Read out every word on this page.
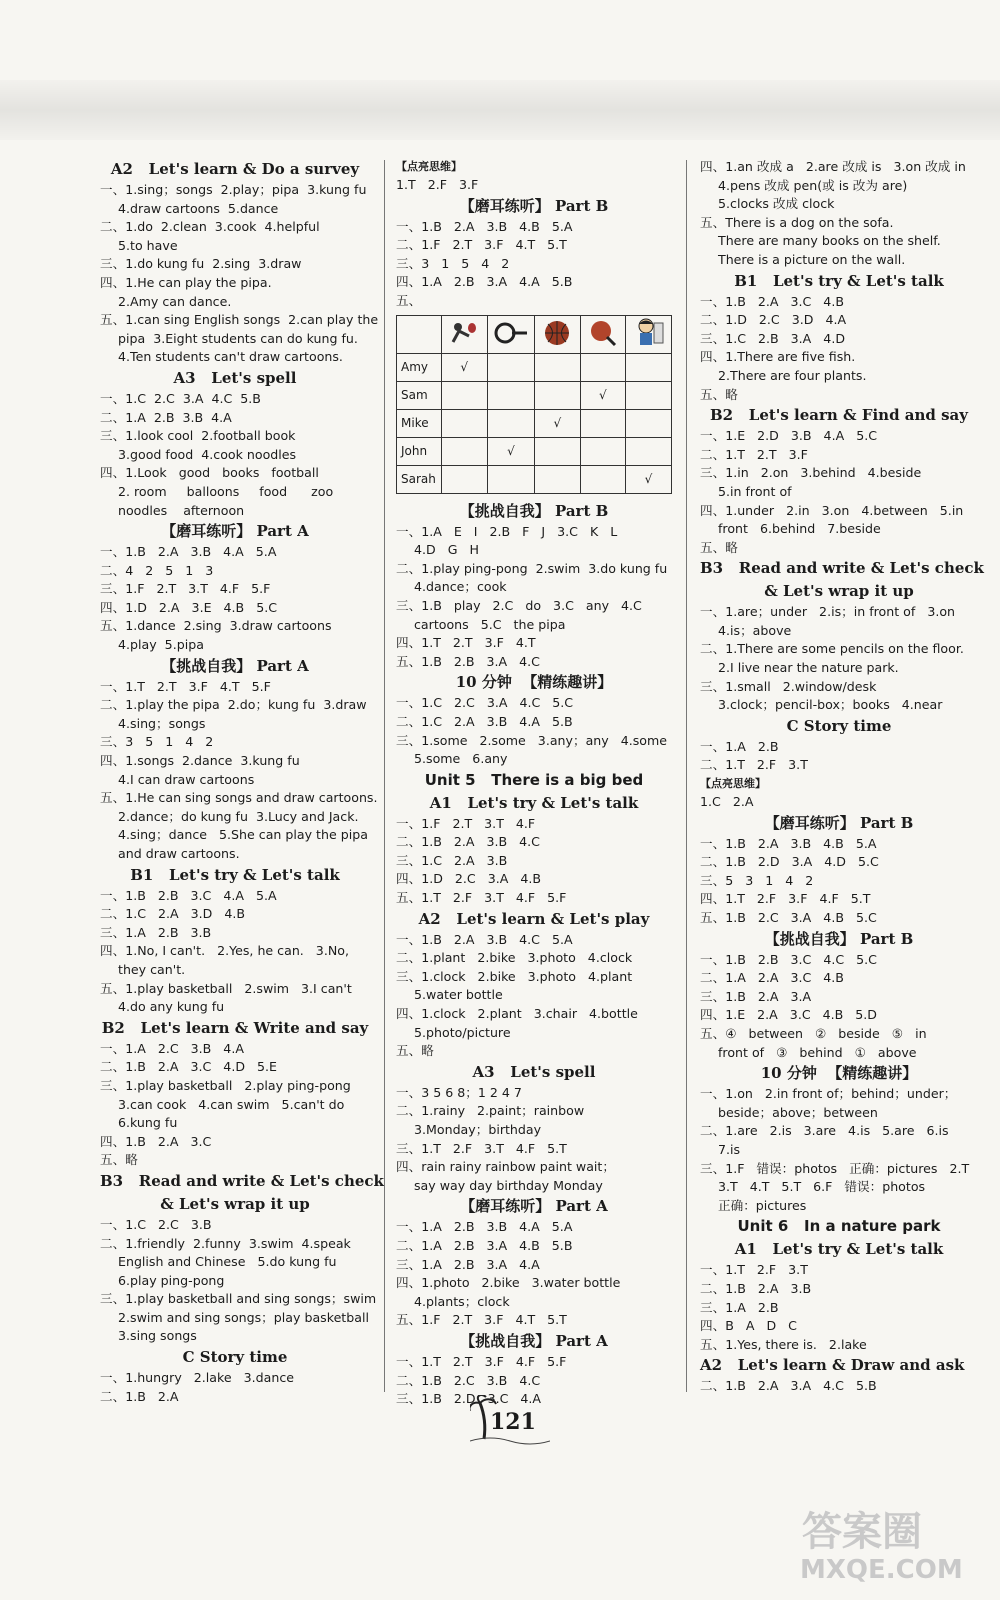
A2   Let's learn & Do a survey
一、1.sing；songs  2.play；pipa  3.kung fu
4.draw cartoons  5.dance
二、1.do  2.clean  3.cook  4.helpful
5.to have
三、1.do kung fu  2.sing  3.draw
四、1.He can play the pipa.
2.Amy can dance.
五、1.can sing English songs  2.can play the
pipa  3.Eight students can do kung fu.
4.Ten students can't draw cartoons.
A3   Let's spell
一、1.C  2.C  3.A  4.C  5.B
二、1.A  2.B  3.B  4.A
三、1.look cool  2.football book
3.good food  4.cook noodles
四、1.Look   good   books   football
2. room     balloons     food      zoo
noodles    afternoon
【磨耳练听】 Part A
一、1.B   2.A   3.B   4.A   5.A
二、4   2   5   1   3
三、1.F   2.T   3.T   4.F   5.F
四、1.D   2.A   3.E   4.B   5.C
五、1.dance  2.sing  3.draw cartoons
4.play  5.pipa
【挑战自我】 Part A
一、1.T   2.T   3.F   4.T   5.F
二、1.play the pipa  2.do；kung fu  3.draw
4.sing；songs
三、3   5   1   4   2
四、1.songs  2.dance  3.kung fu
4.I can draw cartoons
五、1.He can sing songs and draw cartoons.
2.dance；do kung fu  3.Lucy and Jack.
4.sing；dance   5.She can play the pipa
and draw cartoons.
B1   Let's try & Let's talk
一、1.B   2.B   3.C   4.A   5.A
二、1.C   2.A   3.D   4.B
三、1.A   2.B   3.B
四、1.No, I can't.   2.Yes, he can.   3.No,
they can't.
五、1.play basketball   2.swim   3.I can't
4.do any kung fu
B2   Let's learn & Write and say
一、1.A   2.C   3.B   4.A
二、1.B   2.A   3.C   4.D   5.E
三、1.play basketball   2.play ping-pong
3.can cook   4.can swim   5.can't do
6.kung fu
四、1.B   2.A   3.C
五、略
B3   Read and write & Let's check
& Let's wrap it up
一、1.C   2.C   3.B
二、1.friendly  2.funny  3.swim  4.speak
English and Chinese   5.do kung fu
6.play ping-pong
三、1.play basketball and sing songs；swim
2.swim and sing songs；play basketball
3.sing songs
C Story time
一、1.hungry   2.lake   3.dance
二、1.B   2.A
【点亮思维】
1.T   2.F   3.F
【磨耳练听】 Part B
一、1.B   2.A   3.B   4.B   5.A
二、1.F   2.T   3.F   4.T   5.T
三、3   1   5   4   2
四、1.A   2.B   3.A   4.A   5.B
五、

Amy	√				
Sam				√	
Mike			√		
John		√			
Sarah					√
【挑战自我】 Part B
一、1.A   E   I   2.B   F   J   3.C   K   L
4.D   G   H
二、1.play ping-pong  2.swim  3.do kung fu
4.dance；cook
三、1.B   play   2.C   do   3.C   any   4.C
cartoons   5.C   the pipa
四、1.T   2.T   3.F   4.T
五、1.B   2.B   3.A   4.C
10 分钟  【精练趣讲】
一、1.C   2.C   3.A   4.C   5.C
二、1.C   2.A   3.B   4.A   5.B
三、1.some   2.some   3.any；any   4.some
5.some   6.any
Unit 5   There is a big bed
A1   Let's try & Let's talk
一、1.F   2.T   3.T   4.F
二、1.B   2.A   3.B   4.C
三、1.C   2.A   3.B
四、1.D   2.C   3.A   4.B
五、1.T   2.F   3.T   4.F   5.F
A2   Let's learn & Let's play
一、1.B   2.A   3.B   4.C   5.A
二、1.plant   2.bike   3.photo   4.clock
三、1.clock   2.bike   3.photo   4.plant
5.water bottle
四、1.clock   2.plant   3.chair   4.bottle
5.photo/picture
五、略
A3   Let's spell
一、3 5 6 8；1 2 4 7
二、1.rainy   2.paint；rainbow
3.Monday；birthday
三、1.T   2.F   3.T   4.F   5.T
四、rain rainy rainbow paint wait；
say way day birthday Monday
【磨耳练听】 Part A
一、1.A   2.B   3.B   4.A   5.A
二、1.A   2.B   3.A   4.B   5.B
三、1.A   2.B   3.A   4.A
四、1.photo   2.bike   3.water bottle
4.plants；clock
五、1.F   2.T   3.F   4.T   5.T
【挑战自我】 Part A
一、1.T   2.T   3.F   4.F   5.F
二、1.B   2.C   3.B   4.C
三、1.B   2.D   3.C   4.A
四、1.an 改成 a   2.are 改成 is   3.on 改成 in
4.pens 改成 pen(或 is 改为 are)
5.clocks 改成 clock
五、There is a dog on the sofa.
There are many books on the shelf.
There is a picture on the wall.
B1   Let's try & Let's talk
一、1.B   2.A   3.C   4.B
二、1.D   2.C   3.D   4.A
三、1.C   2.B   3.A   4.D
四、1.There are five fish.
2.There are four plants.
五、略
B2   Let's learn & Find and say
一、1.E   2.D   3.B   4.A   5.C
二、1.T   2.T   3.F
三、1.in   2.on   3.behind   4.beside
5.in front of
四、1.under   2.in   3.on   4.between   5.in
front   6.behind   7.beside
五、略
B3   Read and write & Let's check
& Let's wrap it up
一、1.are；under   2.is；in front of   3.on
4.is；above
二、1.There are some pencils on the floor.
2.I live near the nature park.
三、1.small   2.window/desk
3.clock；pencil-box；books   4.near
C Story time
一、1.A   2.B
二、1.T   2.F   3.T
【点亮思维】
1.C   2.A
【磨耳练听】 Part B
一、1.B   2.A   3.B   4.B   5.A
二、1.B   2.D   3.A   4.D   5.C
三、5   3   1   4   2
四、1.T   2.F   3.F   4.F   5.T
五、1.B   2.C   3.A   4.B   5.C
【挑战自我】 Part B
一、1.B   2.B   3.C   4.C   5.C
二、1.A   2.A   3.C   4.B
三、1.B   2.A   3.A
四、1.E   2.A   3.C   4.B   5.D
五、④   between   ②   beside   ⑤   in
front of   ③   behind   ①   above
10 分钟  【精练趣讲】
一、1.on   2.in front of；behind；under；
beside；above；between
二、1.are   2.is   3.are   4.is   5.are   6.is
7.is
三、1.F   错误：photos   正确：pictures   2.T
3.T   4.T   5.T   6.F   错误：photos
正确：pictures
Unit 6   In a nature park
A1   Let's try & Let's talk
一、1.T   2.F   3.T
二、1.B   2.A   3.B
三、1.A   2.B
四、B   A   D   C
五、1.Yes, there is.   2.lake
A2   Let's learn & Draw and ask
二、1.B   2.A   3.A   4.C   5.B
121
答案圈
MXQE.COM
